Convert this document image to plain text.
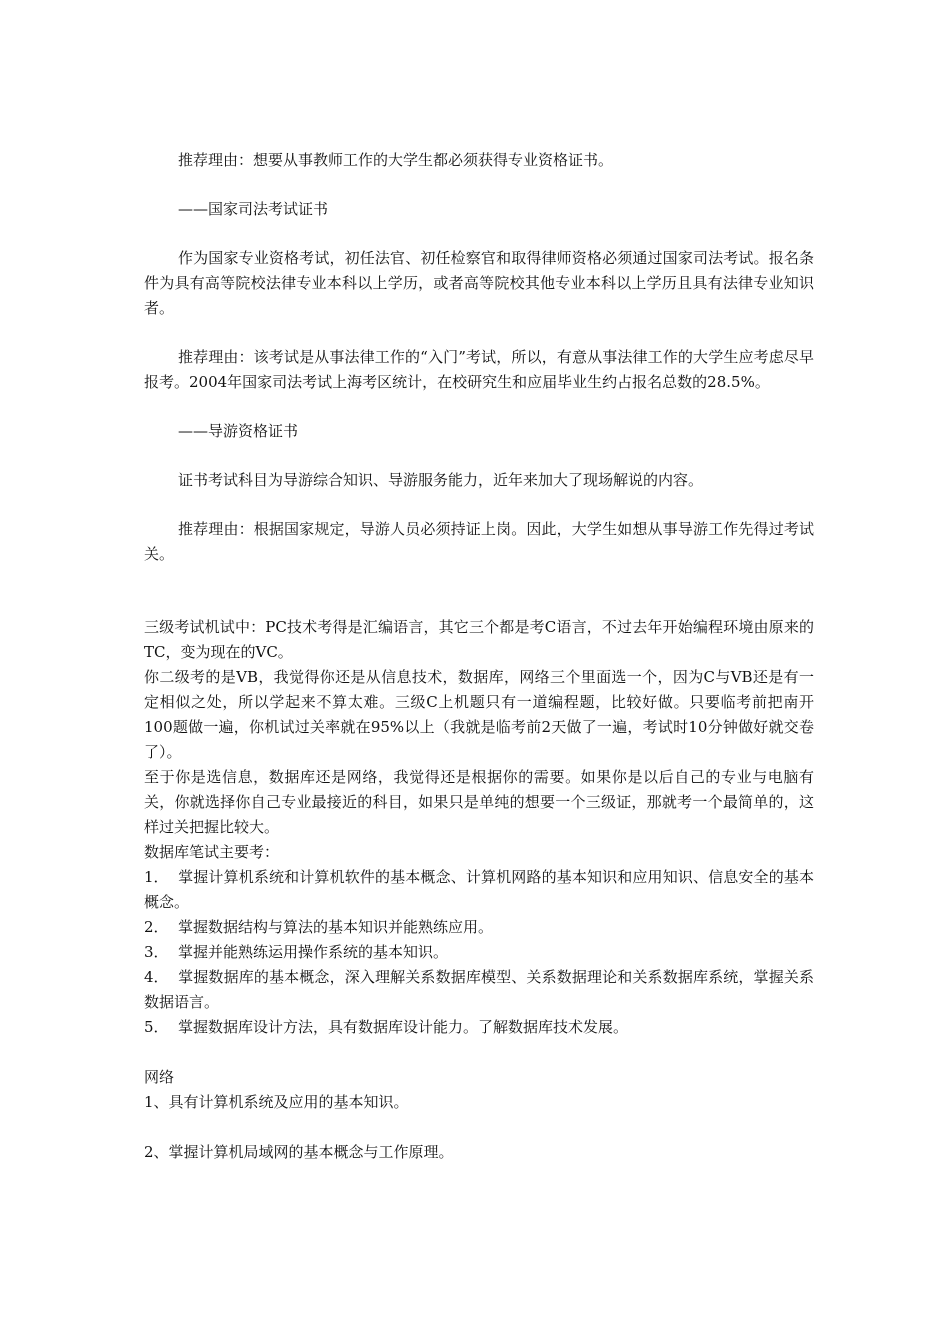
推荐理由：想要从事教师工作的大学生都必须获得专业资格证书。

——国家司法考试证书

作为国家专业资格考试，初任法官、初任检察官和取得律师资格必须通过国家司法考试。报名条件为具有高等院校法律专业本科以上学历，或者高等院校其他专业本科以上学历且具有法律专业知识者。

推荐理由：该考试是从事法律工作的“入门”考试，所以，有意从事法律工作的大学生应考虑尽早报考。2004年国家司法考试上海考区统计，在校研究生和应届毕业生约占报名总数的28.5%。

——导游资格证书

证书考试科目为导游综合知识、导游服务能力，近年来加大了现场解说的内容。

推荐理由：根据国家规定，导游人员必须持证上岗。因此，大学生如想从事导游工作先得过考试关。

三级考试机试中：PC技术考得是汇编语言，其它三个都是考C语言，不过去年开始编程环境由原来的TC，变为现在的VC。

你二级考的是VB，我觉得你还是从信息技术，数据库，网络三个里面选一个，因为C与VB还是有一定相似之处，所以学起来不算太难。三级C上机题只有一道编程题，比较好做。只要临考前把南开100题做一遍，你机试过关率就在95%以上（我就是临考前2天做了一遍，考试时10分钟做好就交卷了）。

至于你是选信息，数据库还是网络，我觉得还是根据你的需要。如果你是以后自己的专业与电脑有关，你就选择你自己专业最接近的科目，如果只是单纯的想要一个三级证，那就考一个最简单的，这样过关把握比较大。

数据库笔试主要考：

1． 掌握计算机系统和计算机软件的基本概念、计算机网路的基本知识和应用知识、信息安全的基本概念。

2． 掌握数据结构与算法的基本知识并能熟练应用。

3． 掌握并能熟练运用操作系统的基本知识。

4． 掌握数据库的基本概念，深入理解关系数据库模型、关系数据理论和关系数据库系统，掌握关系数据语言。

5． 掌握数据库设计方法，具有数据库设计能力。了解数据库技术发展。

网络

1、具有计算机系统及应用的基本知识。

2、掌握计算机局域网的基本概念与工作原理。
